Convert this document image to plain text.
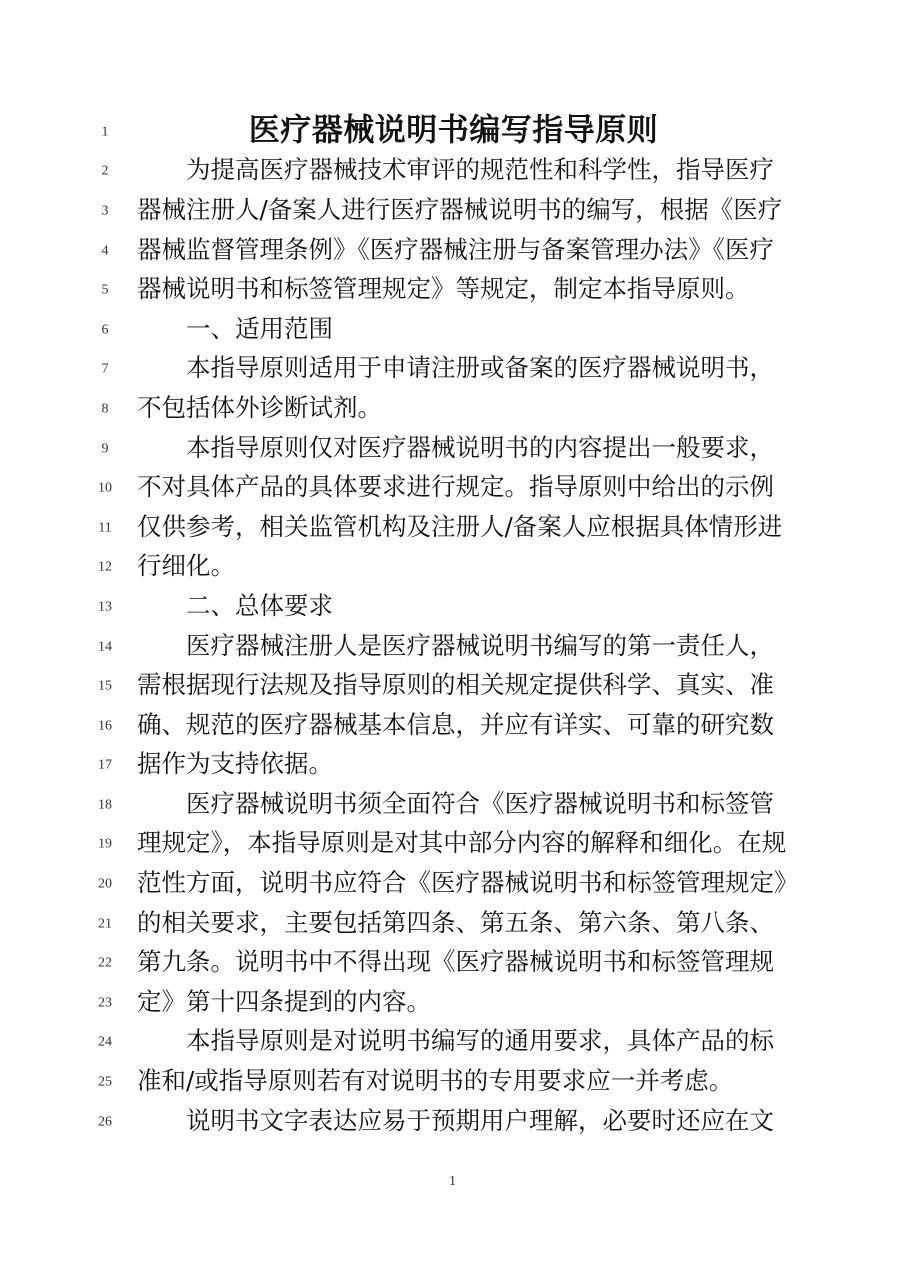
1	医疗器械说明书编写指导原则
2	为提高医疗器械技术审评的规范性和科学性，指导医疗
3	器械注册人/备案人进行医疗器械说明书的编写，根据《医疗
4	器械监督管理条例》《医疗器械注册与备案管理办法》《医疗
5	器械说明书和标签管理规定》等规定，制定本指导原则。
6	一、适用范围
7	本指导原则适用于申请注册或备案的医疗器械说明书，
8	不包括体外诊断试剂。
9	本指导原则仅对医疗器械说明书的内容提出一般要求，
10	不对具体产品的具体要求进行规定。指导原则中给出的示例
11	仅供参考，相关监管机构及注册人/备案人应根据具体情形进
12	行细化。
13	二、总体要求
14	医疗器械注册人是医疗器械说明书编写的第一责任人，
15	需根据现行法规及指导原则的相关规定提供科学、真实、准
16	确、规范的医疗器械基本信息，并应有详实、可靠的研究数
17	据作为支持依据。
18	医疗器械说明书须全面符合《医疗器械说明书和标签管
19	理规定》，本指导原则是对其中部分内容的解释和细化。在规
20	范性方面，说明书应符合《医疗器械说明书和标签管理规定》
21	的相关要求，主要包括第四条、第五条、第六条、第八条、
22	第九条。说明书中不得出现《医疗器械说明书和标签管理规
23	定》第十四条提到的内容。
24	本指导原则是对说明书编写的通用要求，具体产品的标
25	准和/或指导原则若有对说明书的专用要求应一并考虑。
26	说明书文字表达应易于预期用户理解，必要时还应在文
1
